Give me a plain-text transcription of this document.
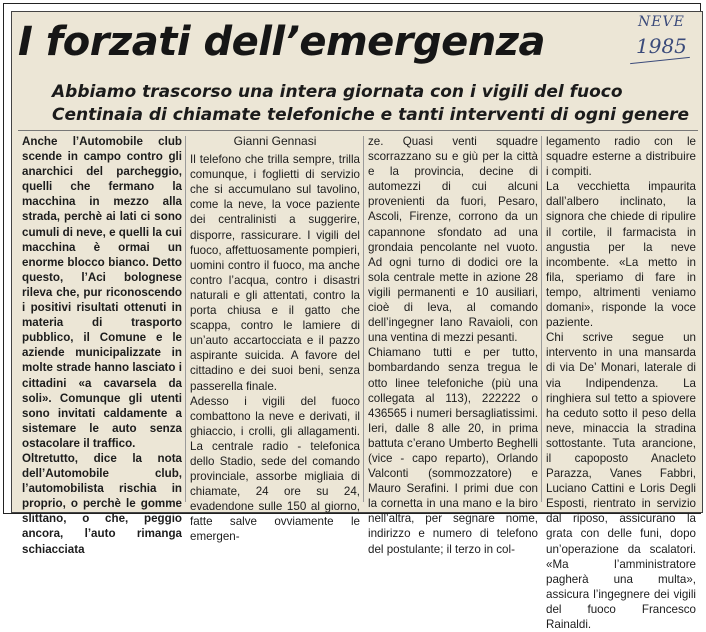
I forzati dell’emergenza	NEVE
1985
Abbiamo trascorso una intera giornata con i vigili del fuoco
Centinaia di chiamate telefoniche e tanti interventi di ogni genere

Anche l’Automobile club scende in campo contro gli anarchici del parcheggio, quelli che fermano la macchina in mezzo alla strada, perchè ai lati ci sono cumuli di neve, e quelli la cui macchina è ormai un enorme blocco bianco. Detto questo, l’Aci bolognese rileva che, pur riconoscendo i positivi risultati ottenuti in materia di trasporto pubblico, il Comune e le aziende municipalizzate in molte strade hanno lasciato i cittadini «a cavarsela da soli». Comunque gli utenti sono invitati caldamente a sistemare le auto senza ostacolare il traffico.

Oltretutto, dice la nota dell’Automobile club, l’automobilista rischia in proprio, o perchè le gomme slittano, o che, peggio ancora, l’auto rimanga schiacciata

Gianni Gennasi

Il telefono che trilla sempre, trilla comunque, i foglietti di servizio che si accumulano sul tavolino, come la neve, la voce paziente dei centralinisti a suggerire, disporre, rassicurare. I vigili del fuoco, affettuosamente pompieri, uomini contro il fuoco, ma anche contro l’acqua, contro i disastri naturali e gli attentati, contro la porta chiusa e il gatto che scappa, contro le lamiere di un’auto accartocciata e il pazzo aspirante suicida. A favore del cittadino e dei suoi beni, senza passerella finale.

Adesso i vigili del fuoco combattono la neve e derivati, il ghiaccio, i crolli, gli allagamenti. La centrale radio - telefonica dello Stadio, sede del comando provinciale, assorbe migliaia di chiamate, 24 ore su 24, evadendone sulle 150 al giorno, fatte salve ovviamente le emergen-

ze. Quasi venti squadre scorrazzano su e giù per la città e la provincia, decine di automezzi di cui alcuni provenienti da fuori, Pesaro, Ascoli, Firenze, corrono da un capannone sfondato ad una grondaia pencolante nel vuoto. Ad ogni turno di dodici ore la sola centrale mette in azione 28 vigili permanenti e 10 ausiliari, cioè di leva, al comando dell’ingegner Iano Ravaioli, con una ventina di mezzi pesanti.

Chiamano tutti e per tutto, bombardando senza tregua le otto linee telefoniche (più una collegata al 113), 222222 o 436565 i numeri bersagliatissimi. Ieri, dalle 8 alle 20, in prima battuta c’erano Umberto Beghelli (vice - capo reparto), Orlando Valconti (sommozzatore) e Mauro Serafini. I primi due con la cornetta in una mano e la biro nell’altra, per segnare nome, indirizzo e numero di telefono del postulante; il terzo in col-

legamento radio con le squadre esterne a distribuire i compiti.

La vecchietta impaurita dall’albero inclinato, la signora che chiede di ripulire il cortile, il farmacista in angustia per la neve incombente. «La metto in fila, speriamo di fare in tempo, altrimenti veniamo domani», risponde la voce paziente.

Chi scrive segue un intervento in una mansarda di via De’ Monari, laterale di via Indipendenza. La ringhiera sul tetto a spiovere ha ceduto sotto il peso della neve, minaccia la stradina sottostante. Tuta arancione, il capoposto Anacleto Parazza, Vanes Fabbri, Luciano Cattini e Loris Degli Esposti, rientrato in servizio dal riposo, assicurano la grata con delle funi, dopo un’operazione da scalatori. «Ma l’amministratore pagherà una multa», assicura l’ingegnere dei vigili del fuoco Francesco Rainaldi.
